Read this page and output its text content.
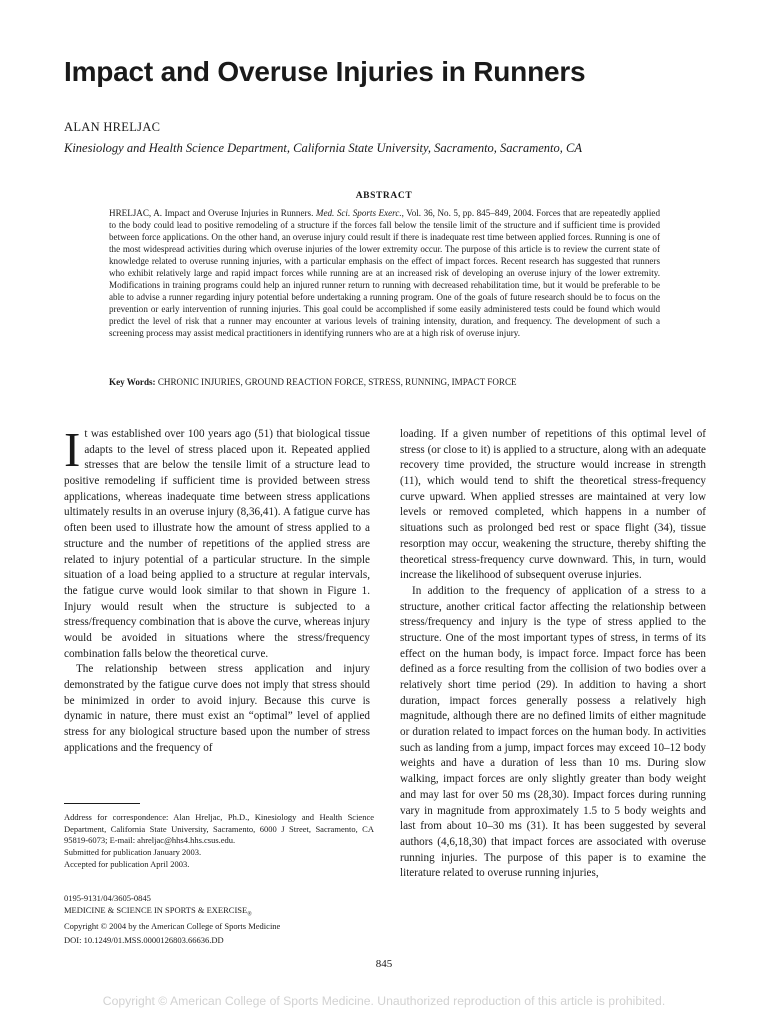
Impact and Overuse Injuries in Runners
ALAN HRELJAC
Kinesiology and Health Science Department, California State University, Sacramento, Sacramento, CA
ABSTRACT

HRELJAC, A. Impact and Overuse Injuries in Runners. Med. Sci. Sports Exerc., Vol. 36, No. 5, pp. 845–849, 2004. Forces that are repeatedly applied to the body could lead to positive remodeling of a structure if the forces fall below the tensile limit of the structure and if sufficient time is provided between force applications. On the other hand, an overuse injury could result if there is inadequate rest time between applied forces. Running is one of the most widespread activities during which overuse injuries of the lower extremity occur. The purpose of this article is to review the current state of knowledge related to overuse running injuries, with a particular emphasis on the effect of impact forces. Recent research has suggested that runners who exhibit relatively large and rapid impact forces while running are at an increased risk of developing an overuse injury of the lower extremity. Modifications in training programs could help an injured runner return to running with decreased rehabilitation time, but it would be preferable to be able to advise a runner regarding injury potential before undertaking a running program. One of the goals of future research should be to focus on the prevention or early intervention of running injuries. This goal could be accomplished if some easily administered tests could be found which would predict the level of risk that a runner may encounter at various levels of training intensity, duration, and frequency. The development of such a screening process may assist medical practitioners in identifying runners who are at a high risk of overuse injury.

Key Words: CHRONIC INJURIES, GROUND REACTION FORCE, STRESS, RUNNING, IMPACT FORCE

It was established over 100 years ago (51) that biological tissue adapts to the level of stress placed upon it. Repeated applied stresses that are below the tensile limit of a structure lead to positive remodeling if sufficient time is provided between stress applications, whereas inadequate time between stress applications ultimately results in an overuse injury (8,36,41). A fatigue curve has often been used to illustrate how the amount of stress applied to a structure and the number of repetitions of the applied stress are related to injury potential of a particular structure. In the simple situation of a load being applied to a structure at regular intervals, the fatigue curve would look similar to that shown in Figure 1. Injury would result when the structure is subjected to a stress/frequency combination that is above the curve, whereas injury would be avoided in situations where the stress/frequency combination falls below the theoretical curve.

The relationship between stress application and injury demonstrated by the fatigue curve does not imply that stress should be minimized in order to avoid injury. Because this curve is dynamic in nature, there must exist an “optimal” level of applied stress for any biological structure based upon the number of stress applications and the frequency of

loading. If a given number of repetitions of this optimal level of stress (or close to it) is applied to a structure, along with an adequate recovery time provided, the structure would increase in strength (11), which would tend to shift the theoretical stress-frequency curve upward. When applied stresses are maintained at very low levels or removed completed, which happens in a number of situations such as prolonged bed rest or space flight (34), tissue resorption may occur, weakening the structure, thereby shifting the theoretical stress-frequency curve downward. This, in turn, would increase the likelihood of subsequent overuse injuries.

In addition to the frequency of application of a stress to a structure, another critical factor affecting the relationship between stress/frequency and injury is the type of stress applied to the structure. One of the most important types of stress, in terms of its effect on the human body, is impact force. Impact force has been defined as a force resulting from the collision of two bodies over a relatively short time period (29). In addition to having a short duration, impact forces generally possess a relatively high magnitude, although there are no defined limits of either magnitude or duration related to impact forces on the human body. In activities such as landing from a jump, impact forces may exceed 10–12 body weights and have a duration of less than 10 ms. During slow walking, impact forces are only slightly greater than body weight and may last for over 50 ms (28,30). Impact forces during running vary in magnitude from approximately 1.5 to 5 body weights and last from about 10–30 ms (31). It has been suggested by several authors (4,6,18,30) that impact forces are associated with overuse running injuries. The purpose of this paper is to examine the literature related to overuse running injuries,

Address for correspondence: Alan Hreljac, Ph.D., Kinesiology and Health Science Department, California State University, Sacramento, 6000 J Street, Sacramento, CA 95819-6073; E-mail: ahreljac@hhs4.hhs.csus.edu.

Submitted for publication January 2003.

Accepted for publication April 2003.

0195-9131/04/3605-0845

MEDICINE & SCIENCE IN SPORTS & $EXERCISE_®$

Copyright © 2004 by the American College of Sports Medicine

DOI: 10.1249/01.MSS.0000126803.66636.DD

845
Copyright © American College of Sports Medicine. Unauthorized reproduction of this article is prohibited.
